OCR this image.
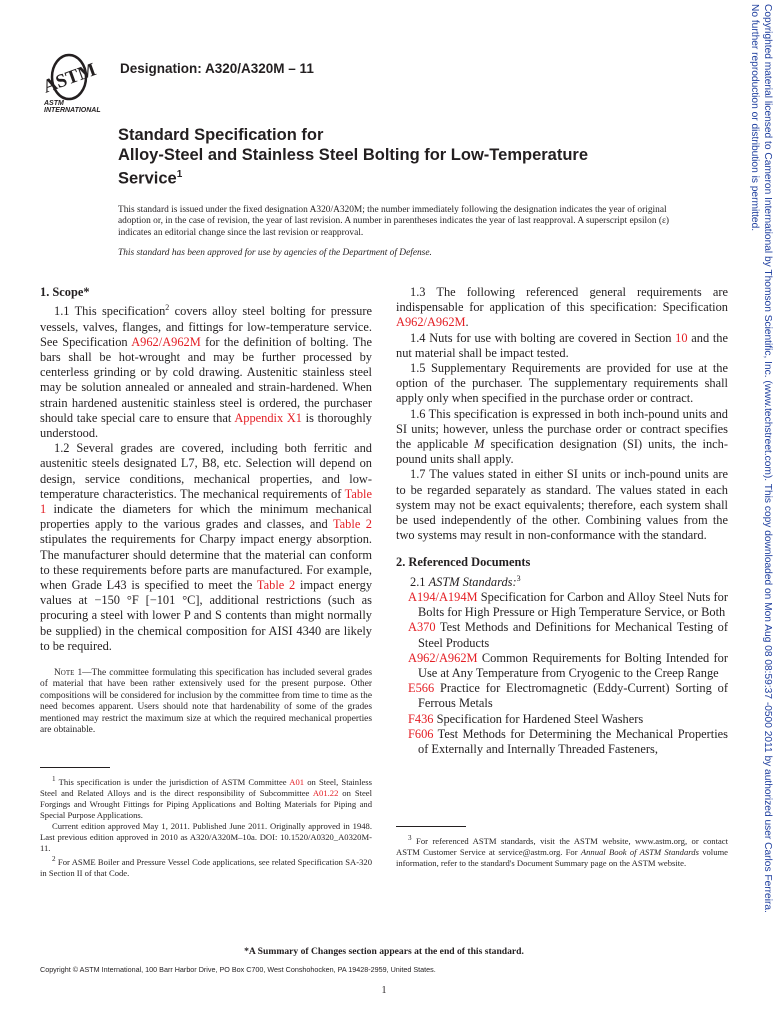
ASTM
ASTM INTERNATIONAL
Designation: A320/A320M – 11
Standard Specification for
Alloy-Steel and Stainless Steel Bolting for Low-Temperature
Service$^1$
This standard is issued under the fixed designation A320/A320M; the number immediately following the designation indicates the year of original adoption or, in the case of revision, the year of last revision. A number in parentheses indicates the year of last reapproval. A superscript epsilon (ε) indicates an editorial change since the last revision or reapproval.
This standard has been approved for use by agencies of the Department of Defense.

1. Scope*

1.1 This specification$^2$ covers alloy steel bolting for pressure vessels, valves, flanges, and fittings for low-temperature service. See Specification A962/A962M for the definition of bolting. The bars shall be hot-wrought and may be further processed by centerless grinding or by cold drawing. Austenitic stainless steel may be solution annealed or annealed and strain-hardened. When strain hardened austenitic stainless steel is ordered, the purchaser should take special care to ensure that Appendix X1 is thoroughly understood.

1.2 Several grades are covered, including both ferritic and austenitic steels designated L7, B8, etc. Selection will depend on design, service conditions, mechanical properties, and low-temperature characteristics. The mechanical requirements of Table 1 indicate the diameters for which the minimum mechanical properties apply to the various grades and classes, and Table 2 stipulates the requirements for Charpy impact energy absorption. The manufacturer should determine that the material can conform to these requirements before parts are manufactured. For example, when Grade L43 is specified to meet the Table 2 impact energy values at −150 °F [−101 °C], additional restrictions (such as procuring a steel with lower P and S contents than might normally be supplied) in the chemical composition for AISI 4340 are likely to be required.

Note 1—The committee formulating this specification has included several grades of material that have been rather extensively used for the present purpose. Other compositions will be considered for inclusion by the committee from time to time as the need becomes apparent. Users should note that hardenability of some of the grades mentioned may restrict the maximum size at which the required mechanical properties are obtainable.

$^1$ This specification is under the jurisdiction of ASTM Committee A01 on Steel, Stainless Steel and Related Alloys and is the direct responsibility of Subcommittee A01.22 on Steel Forgings and Wrought Fittings for Piping Applications and Bolting Materials for Piping and Special Purpose Applications.

Current edition approved May 1, 2011. Published June 2011. Originally approved in 1948. Last previous edition approved in 2010 as A320/A320M–10a. DOI: 10.1520/A0320_A0320M-11.

$^2$ For ASME Boiler and Pressure Vessel Code applications, see related Specification SA-320 in Section II of that Code.

1.3 The following referenced general requirements are indispensable for application of this specification: Specification A962/A962M.

1.4 Nuts for use with bolting are covered in Section 10 and the nut material shall be impact tested.

1.5 Supplementary Requirements are provided for use at the option of the purchaser. The supplementary requirements shall apply only when specified in the purchase order or contract.

1.6 This specification is expressed in both inch-pound units and SI units; however, unless the purchase order or contract specifies the applicable M specification designation (SI) units, the inch-pound units shall apply.

1.7 The values stated in either SI units or inch-pound units are to be regarded separately as standard. The values stated in each system may not be exact equivalents; therefore, each system shall be used independently of the other. Combining values from the two systems may result in non-conformance with the standard.

2. Referenced Documents

2.1 ASTM Standards:$^3$

A194/A194M Specification for Carbon and Alloy Steel Nuts for Bolts for High Pressure or High Temperature Service, or Both

A370 Test Methods and Definitions for Mechanical Testing of Steel Products

A962/A962M Common Requirements for Bolting Intended for Use at Any Temperature from Cryogenic to the Creep Range

E566 Practice for Electromagnetic (Eddy-Current) Sorting of Ferrous Metals

F436 Specification for Hardened Steel Washers

F606 Test Methods for Determining the Mechanical Properties of Externally and Internally Threaded Fasteners,

$^3$ For referenced ASTM standards, visit the ASTM website, www.astm.org, or contact ASTM Customer Service at service@astm.org. For Annual Book of ASTM Standards volume information, refer to the standard's Document Summary page on the ASTM website.

*A Summary of Changes section appears at the end of this standard.
Copyright © ASTM International, 100 Barr Harbor Drive, PO Box C700, West Conshohocken, PA 19428-2959, United States.
1
Copyrighted material licensed to Cameron International by Thomson Scientific, Inc. (www.techstreet.com). This copy downloaded on Mon Aug 08 08:59:37 -0500 2011 by authorized user Carlos Ferreira.
No further reproduction or distribution is permitted.
